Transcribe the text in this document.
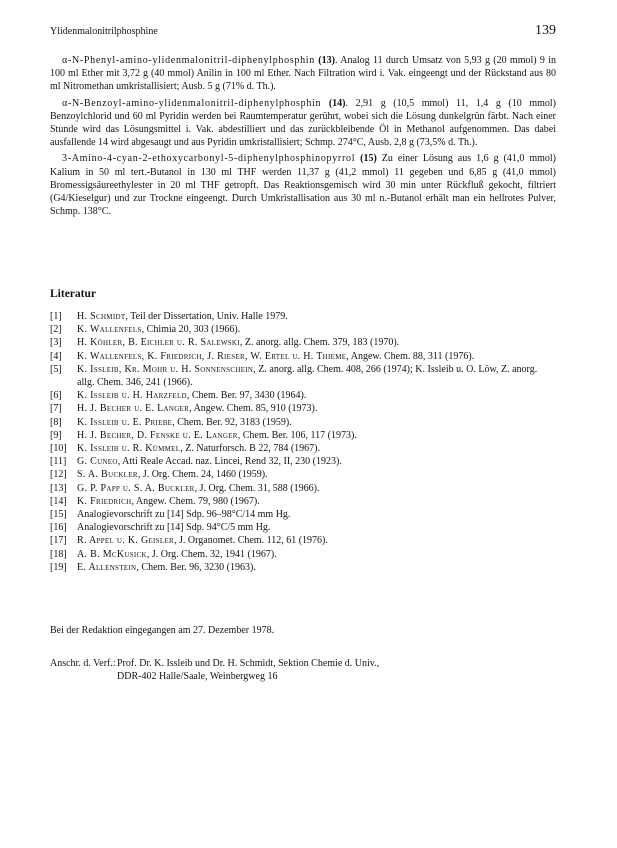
Ylidenmalonitrilphosphine	139

α-N-Phenyl-amino-ylidenmalonitril-diphenylphosphin (13). Analog 11 durch Umsatz von 5,93 g (20 mmol) 9 in 100 ml Ether mit 3,72 g (40 mmol) Anilin in 100 ml Ether. Nach Filtration wird i. Vak. eingeengt und der Rückstand aus 80 ml Nitromethan umkristallisiert; Ausb. 5 g (71% d. Th.).

α-N-Benzoyl-amino-ylidenmalonitril-diphenylphosphin (14). 2,91 g (10,5 mmol) 11, 1,4 g (10 mmol) Benzoylchlorid und 60 ml Pyridin werden bei Raumtemperatur gerührt, wobei sich die Lösung dunkelgrün färbt. Nach einer Stunde wird das Lösungsmittel i. Vak. abdestilliert und das zurückbleibende Öl in Methanol aufgenommen. Das dabei ausfallende 14 wird abgesaugt und aus Pyridin umkristallisiert; Schmp. 274°C, Ausb. 2,8 g (73,5% d. Th.).

3-Amino-4-cyan-2-ethoxycarbonyl-5-diphenylphosphinopyrrol (15) Zu einer Lösung aus 1,6 g (41,0 mmol) Kalium in 50 ml tert.-Butanol in 130 ml THF werden 11,37 g (41,2 mmol) 11 gegeben und 6,85 g (41,0 mmol) Bromessigsäureethylester in 20 ml THF getropft. Das Reaktionsgemisch wird 30 min unter Rückfluß gekocht, filtriert (G4/Kieselgur) und zur Trockne eingeengt. Durch Umkristallisation aus 30 ml n.-Butanol erhält man ein hellrotes Pulver, Schmp. 138°C.

Literatur
[1] H. Schmidt, Teil der Dissertation, Univ. Halle 1979.
[2] K. Wallenfels, Chimia 20, 303 (1966).
[3] H. Köhler, B. Eichler u. R. Salewski, Z. anorg. allg. Chem. 379, 183 (1970).
[4] K. Wallenfels, K. Friedrich, J. Rieser, W. Ertel u. H. Thieme, Angew. Chem. 88, 311 (1976).
[5] K. Issleib, Kr. Mohr u. H. Sonnenschein, Z. anorg. allg. Chem. 408, 266 (1974); K. Issleib u. O. Löw, Z. anorg. allg. Chem. 346, 241 (1966).
[6] K. Issleib u. H. Harzfeld, Chem. Ber. 97, 3430 (1964).
[7] H. J. Becher u. E. Langer, Angew. Chem. 85, 910 (1973).
[8] K. Issleib u. E. Priebe, Chem. Ber. 92, 3183 (1959).
[9] H. J. Becher, D. Fenske u. E. Langer, Chem. Ber. 106, 117 (1973).
[10] K. Issleib u. R. Kümmel, Z. Naturforsch. B 22, 784 (1967).
[11] G. Cuneo, Atti Reale Accad. naz. Lincei, Rend 32, II, 230 (1923).
[12] S. A. Buckler, J. Org. Chem. 24, 1460 (1959).
[13] G. P. Papp u. S. A. Buckler, J. Org. Chem. 31, 588 (1966).
[14] K. Friedrich, Angew. Chem. 79, 980 (1967).
[15] Analogievorschrift zu [14] Sdp. 96–98°C/14 mm Hg.
[16] Analogievorschrift zu [14] Sdp. 94°C/5 mm Hg.
[17] R. Appel u. K. Geisler, J. Organomet. Chem. 112, 61 (1976).
[18] A. B. McKusick, J. Org. Chem. 32, 1941 (1967).
[19] E. Allenstein, Chem. Ber. 96, 3230 (1963).
Bei der Redaktion eingegangen am 27. Dezember 1978.
Anschr. d. Verf.: Prof. Dr. K. Issleib und Dr. H. Schmidt, Sektion Chemie d. Univ.,
DDR-402 Halle/Saale, Weinbergweg 16
